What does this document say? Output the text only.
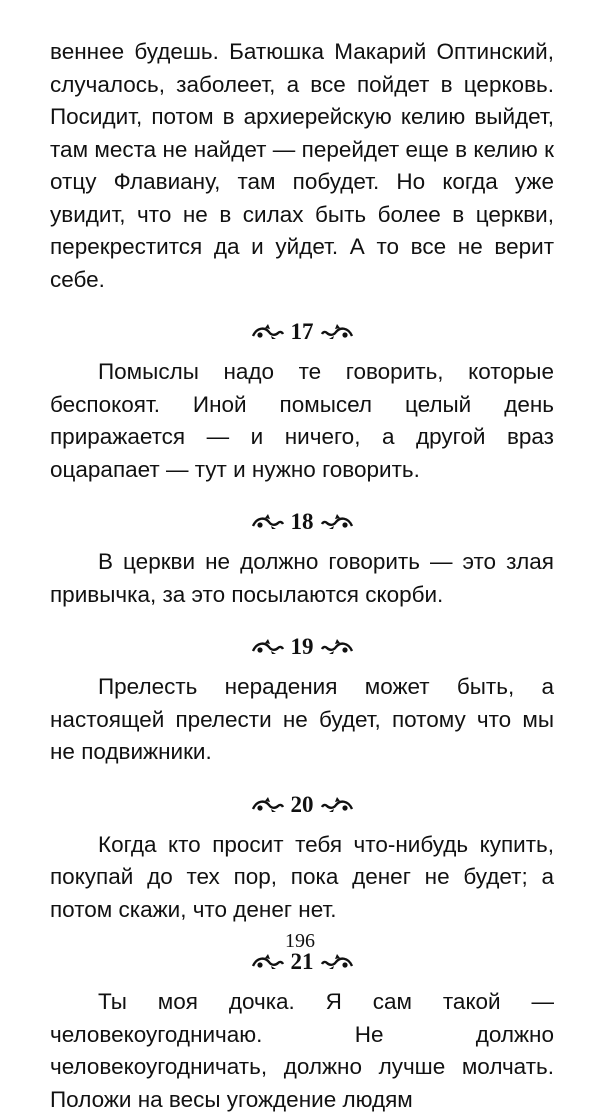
веннее будешь. Батюшка Макарий Оптинский, случалось, заболеет, а все пойдет в церковь. Посидит, потом в архиерейскую келию выйдет, там места не найдет — перейдет еще в келию к отцу Флавиану, там побудет. Но когда уже увидит, что не в силах быть более в церкви, перекрестится да и уйдет. А то все не верит себе.

17

Помыслы надо те говорить, которые беспокоят. Иной помысел целый день приражается — и ничего, а другой враз оцарапает — тут и нужно говорить.

18

В церкви не должно говорить — это злая привычка, за это посылаются скорби.

19

Прелесть нерадения может быть, а настоящей прелести не будет, потому что мы не подвижники.

20

Когда кто просит тебя что-нибудь купить, покупай до тех пор, пока денег не будет; а потом скажи, что денег нет.

21

Ты моя дочка. Я сам такой — человекоугодничаю. Не должно человекоугодничать, должно лучше молчать. Положи на весы угождение людям

196
